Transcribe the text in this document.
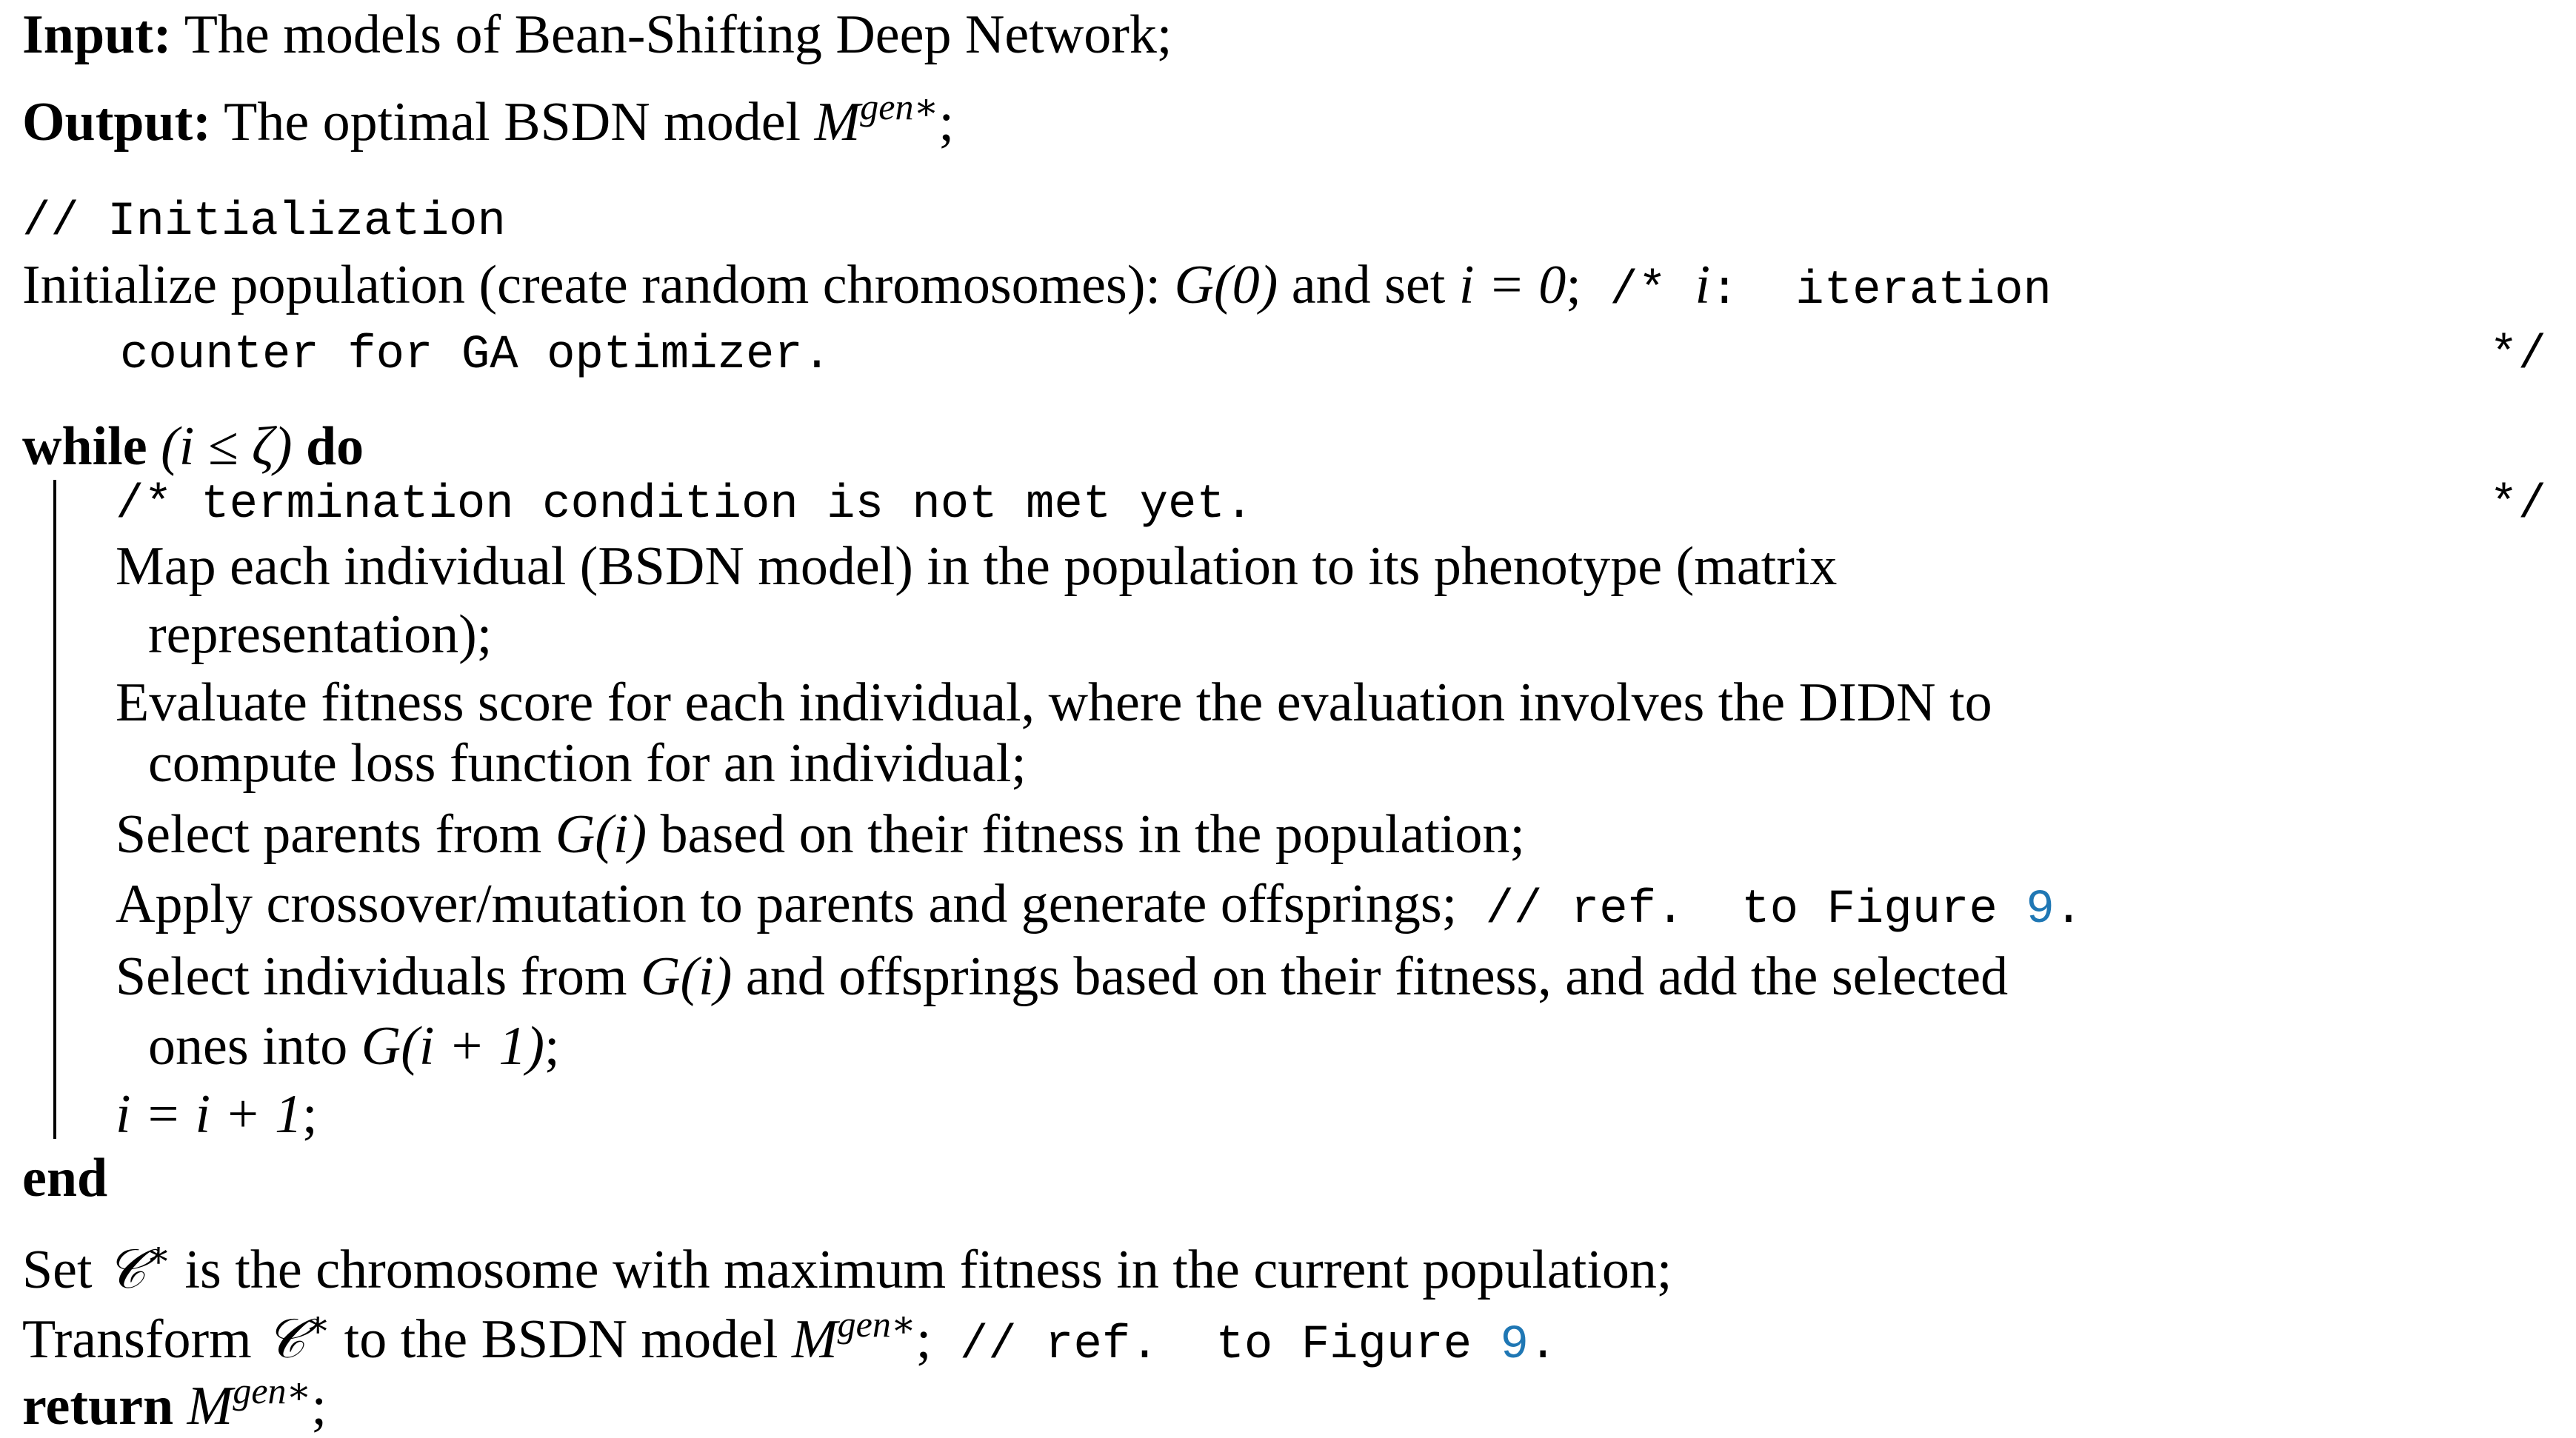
Input: The models of Bean-Shifting Deep Network;
Output: The optimal BSDN model $M^{gen∗}$;
// Initialization
Initialize population (create random chromosomes): G(0) and set i = 0; /* i:  iteration
counter for GA optimizer.	*/
while (i ≤ ζ) do
/* termination condition is not met yet.	*/
Map each individual (BSDN model) in the population to its phenotype (matrix
representation);
Evaluate fitness score for each individual, where the evaluation involves the DIDN to
compute loss function for an individual;
Select parents from G(i) based on their fitness in the population;
Apply crossover/mutation to parents and generate offsprings; // ref.  to Figure 9.
Select individuals from G(i) and offsprings based on their fitness, and add the selected
ones into G(i + 1);
i = i + 1;
end
Set 𝒞∗ is the chromosome with maximum fitness in the current population;
Transform 𝒞∗ to the BSDN model $M^{gen∗}$; // ref.  to Figure 9.
return $M^{gen∗}$;
